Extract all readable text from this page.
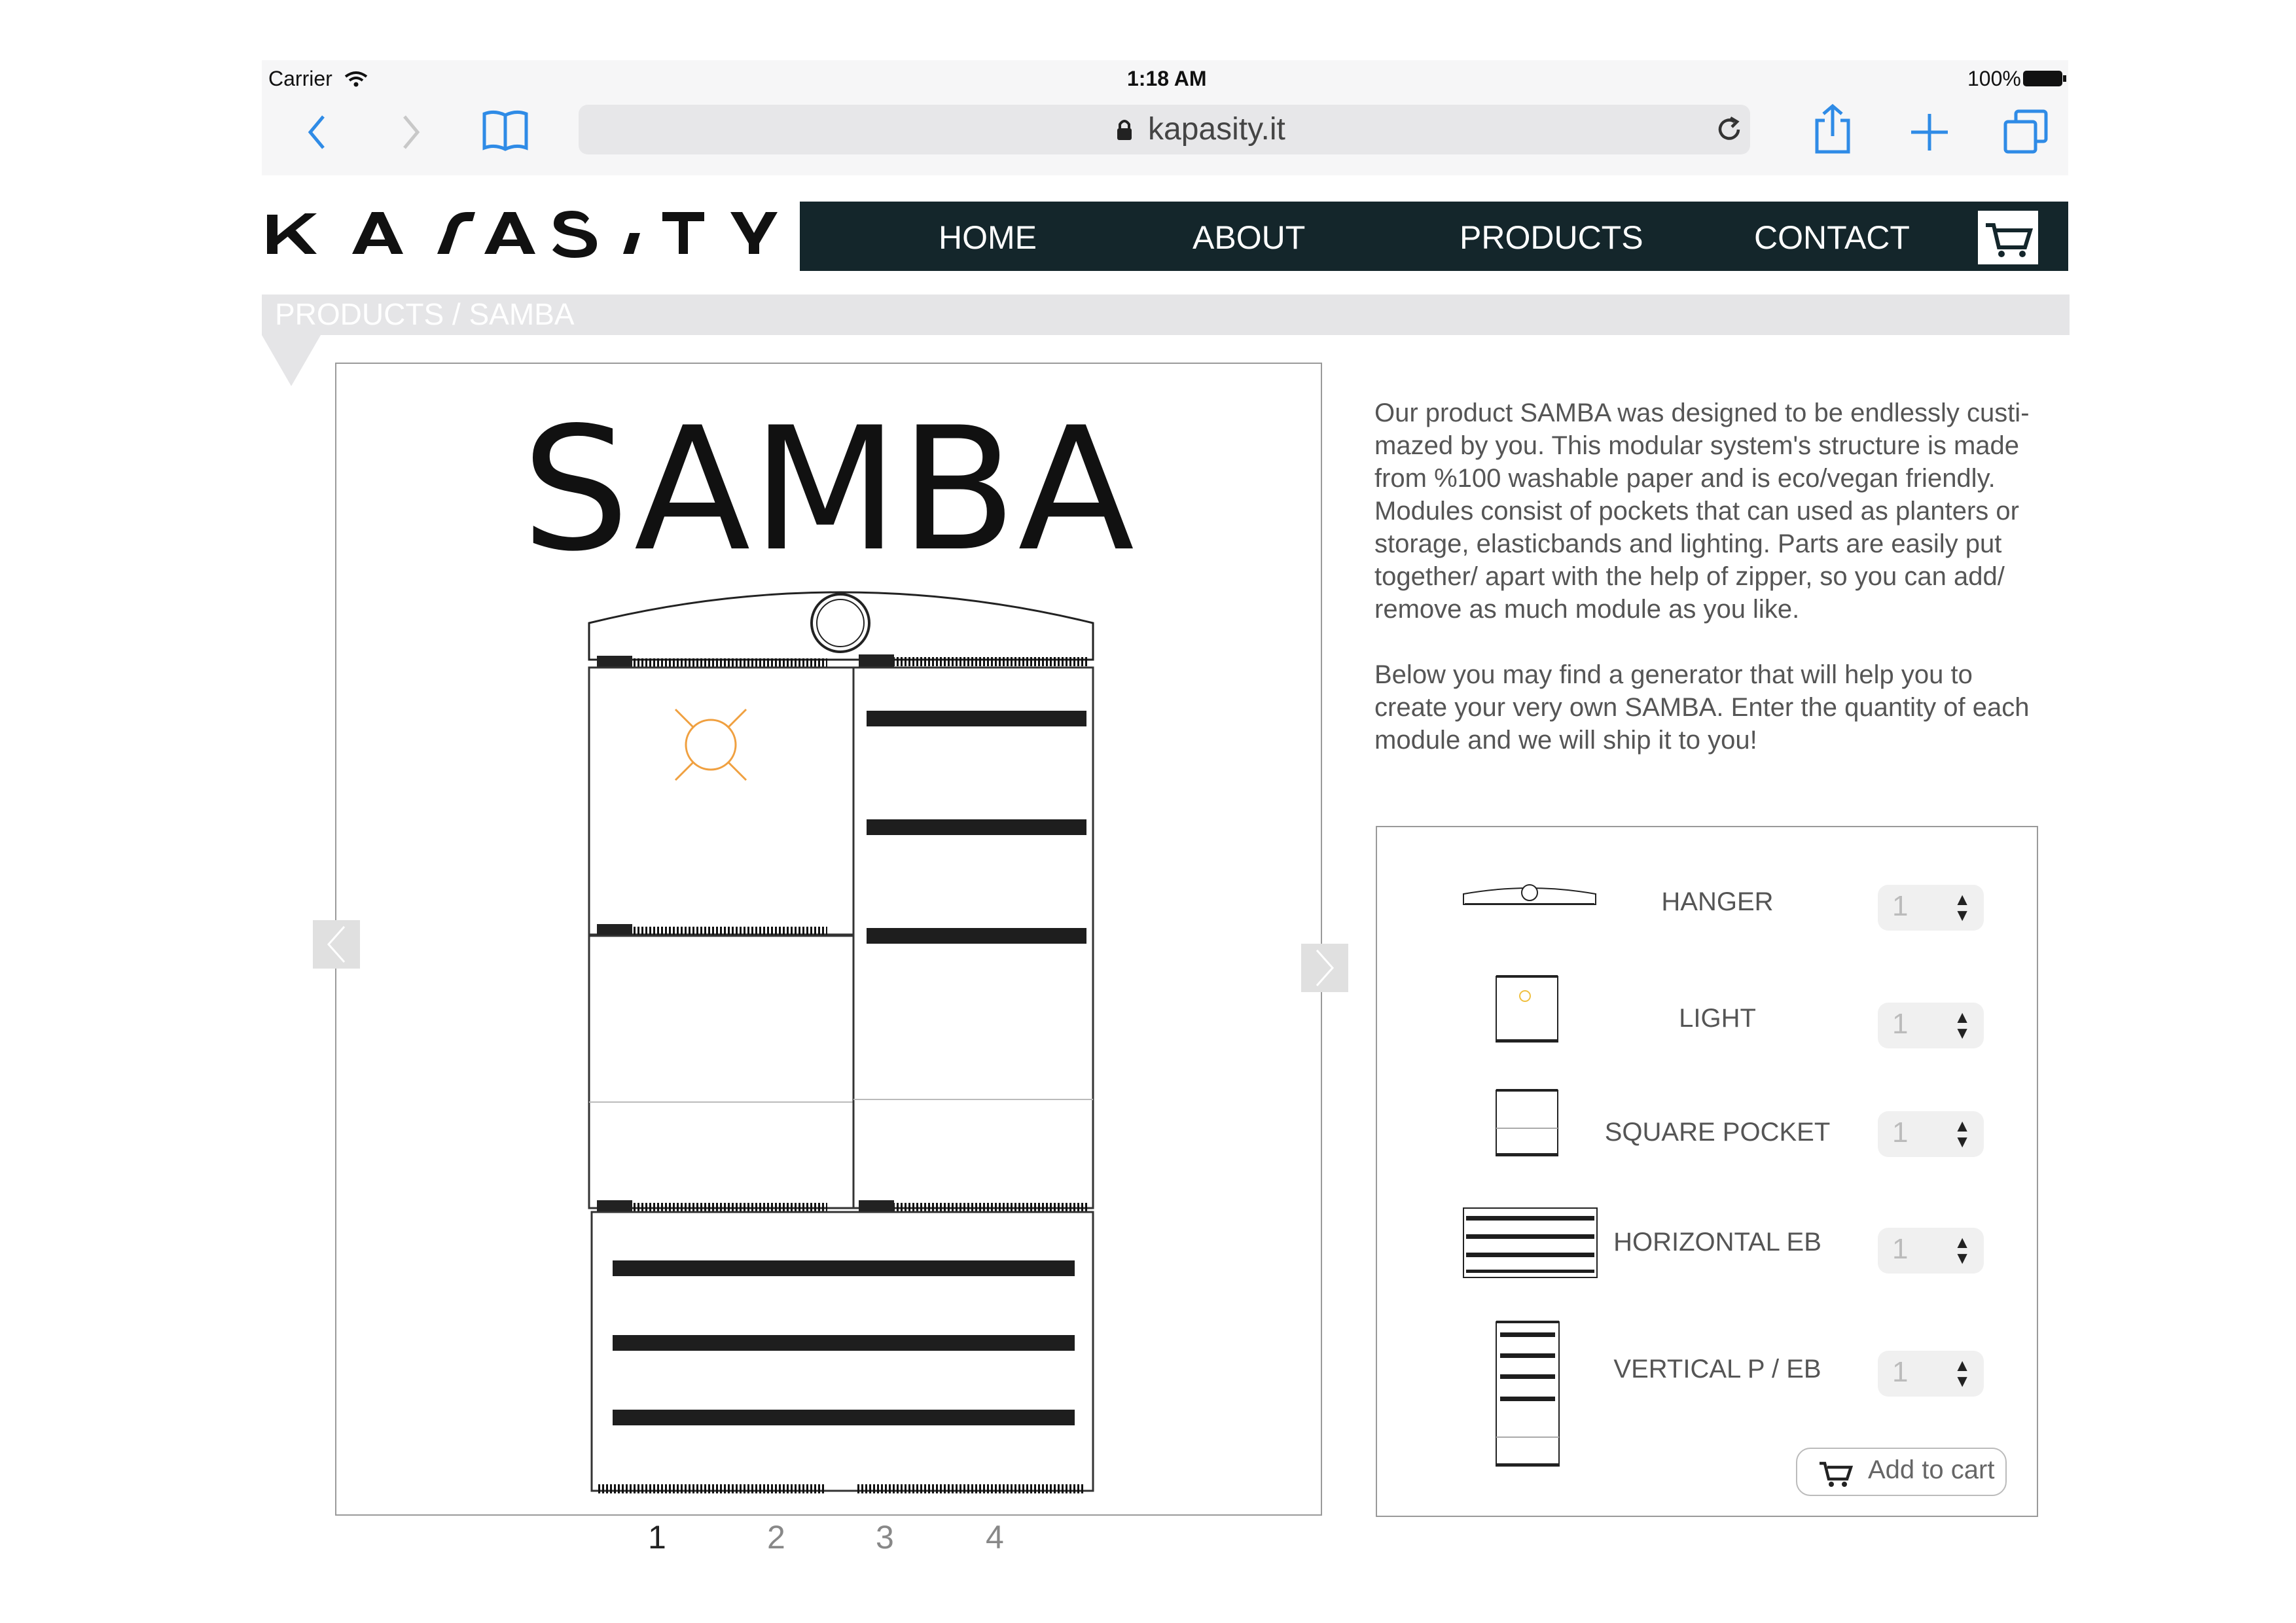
Carrier	1:18 AM	100%
kapasity.it
HOME	ABOUT	PRODUCTS	CONTACT
PRODUCTS / SAMBA
SAMBA
1	2	3	4

Our product SAMBA was designed to be endlessly custi-mazed by you. This modular system's structure is made from %100 washable paper and is eco/vegan friendly. Modules consist of pockets that can used as planters or storage, elasticbands and lighting. Parts are easily put together/ apart with the help of zipper, so you can add/ remove as much module as you like.

Below you may find a generator that will help you to create your very own SAMBA. Enter the quantity of each module and we will ship it to you!

HANGER	1	▲
▼
LIGHT	1	▲
▼
SQUARE POCKET 1	▲
▼
HORIZONTAL EB	1	▲
▼
VERTICAL P / EB	1	▲
▼
Add to cart
